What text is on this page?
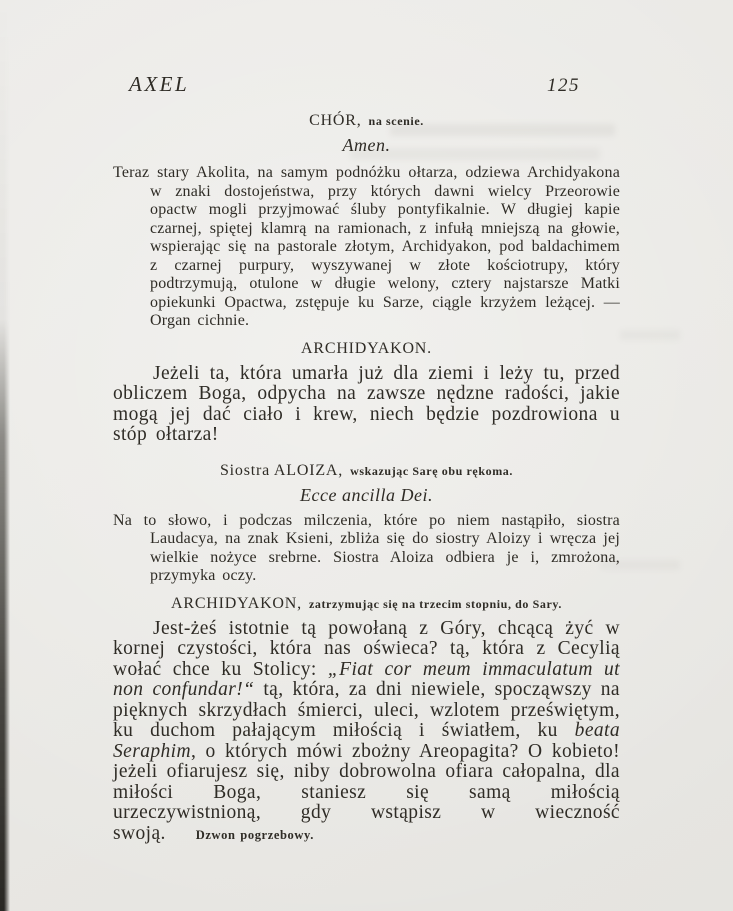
AXEL	125
CHÓR, na scenie.

Amen.

Teraz stary Akolita, na samym podnóżku ołtarza, odziewa Archidyakona w znaki dostojeństwa, przy których dawni wielcy Przeorowie opactw mogli przyjmować śluby pontyfikalnie. W długiej kapie czarnej, spiętej klamrą na ramionach, z infułą mniejszą na głowie, wspierając się na pastorale złotym, Archidyakon, pod baldachimem z czarnej purpury, wyszywanej w złote kościotrupy, który podtrzymują, otulone w długie welony, cztery najstarsze Matki opiekunki Opactwa, zstępuje ku Sarze, ciągle krzyżem leżącej. — Organ cichnie.

ARCHIDYAKON.

Jeżeli ta, która umarła już dla ziemi i leży tu, przed obliczem Boga, odpycha na zawsze nędzne radości, jakie mogą jej dać ciało i krew, niech będzie pozdrowiona u stóp ołtarza!

Siostra ALOIZA, wskazując Sarę obu rękoma.

Ecce ancilla Dei.

Na to słowo, i podczas milczenia, które po niem nastąpiło, siostra Laudacya, na znak Ksieni, zbliża się do siostry Aloizy i wręcza jej wielkie nożyce srebrne. Siostra Aloiza odbiera je i, zmrożona, przymyka oczy.

ARCHIDYAKON, zatrzymując się na trzecim stopniu, do Sary.

Jest-żeś istotnie tą powołaną z Góry, chcącą żyć w kornej czystości, która nas oświeca? tą, która z Cecylią wołać chce ku Stolicy: „Fiat cor meum immaculatum ut non confundar!“ tą, która, za dni niewiele, spocząwszy na pięknych skrzydłach śmierci, uleci, wzlotem przeświętym, ku duchom pałającym miłością i światłem, ku beata Seraphim, o których mówi zbożny Areopagita? O kobieto! jeżeli ofiarujesz się, niby dobrowolna ofiara całopalna, dla miłości Boga, staniesz się samą miłością urzeczywistnioną, gdy wstąpisz w wieczność swoją. Dzwon pogrzebowy.
